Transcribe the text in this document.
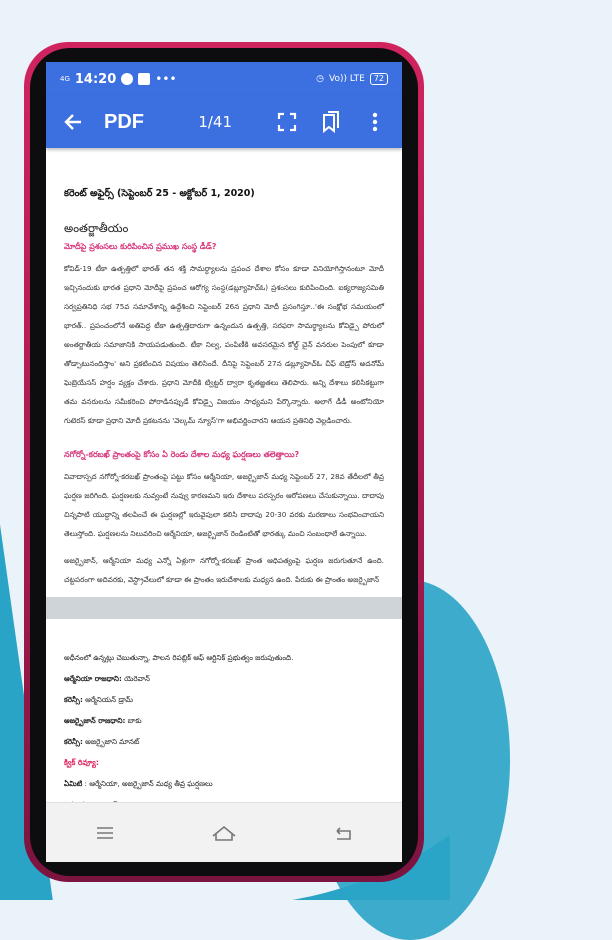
4G 14:20	•••	◷ Vo)) LTE	72
PDF	1/41
కరెంట్ అఫైర్స్ (సెప్టెంబర్ 25 - అక్టోబర్ 1, 2020)
అంతర్జాతీయం
మోదీపై ప్రశంసలు కురిపించిన ప్రముఖ సంస్థ డీడ్?
కోవిడ్-19 టీకా ఉత్పత్తిలో భారత్ తన శక్తి సామర్థ్యాలను ప్రపంచ దేశాల కోసం కూడా వినియోగిస్తానంటూ మోదీ ఇచ్చినందుకు భారత ప్రధాని మోదీపై ప్రపంచ ఆరోగ్య సంస్థ(డబ్ల్యూహెచ్ఓ) ప్రశంసలు కురిపించింది. ఐక్యరాజ్యసమితి సర్వప్రతినిధి సభ 75వ సమావేశాన్ని ఉద్దేశించి సెప్టెంబర్ 26న ప్రధాని మోదీ ప్రసంగిస్తూ..'ఈ సంక్షోభ సమయంలో భారత్.. ప్రపంచంలోనే అతిపెద్ద టీకా ఉత్పత్తిదారుగా ఉన్నందున ఉత్పత్తి, సరఫరా సామర్థ్యాలను కోవిడ్పై పోరులో అంతర్జాతీయ సమాజానికి సాయపడుతుంది. టీకా నిల్వ, పంపిణీకి అవసరమైన కోల్డ్ చైన్ వనరుల పెంపులో కూడా తోడ్పాటునందిస్తాం' అని ప్రకటించిన విషయం తెలిసిందే. దీనిపై సెప్టెంబర్ 27న డబ్ల్యూహెచ్ఓ చీఫ్ టెడ్రోస్ అదనోమ్ ఘెబ్రెయేసస్ హర్షం వ్యక్తం చేశారు. ప్రధాని మోదీకి ట్విట్టర్ ద్వారా కృతజ్ఞతలు తెలిపారు. అన్ని దేశాలు కలిసికట్టుగా తమ వనరులను సమీకరించి పోరాడినప్పుడే కోవిడ్పై విజయం సాధ్యమని పేర్కొన్నారు. అలాగే డీడీ అంటోనియో గుటెరస్ కూడా ప్రధాని మోదీ ప్రకటనను 'వెల్కమ్ న్యూస్'గా అభివర్ణించారని ఆయన ప్రతినిధి వెల్లడించారు.
నగోర్నో-కరబఖ్ ప్రాంతంపై కోసం ఏ రెండు దేశాల మధ్య ఘర్షణలు తలెత్తాయి?
వివాదాస్పద నగోర్నో-కరబఖ్ ప్రాంతంపై పట్టు కోసం ఆర్మేనియా, అజర్బైజాన్ మధ్య సెప్టెంబర్ 27, 28వ తేదీలలో తీవ్ర ఘర్షణ జరిగింది. ఘర్షణలకు నువ్వంటే నువ్వు కారణమని ఇరు దేశాలు పరస్పరం ఆరోపణలు చేసుకున్నాయి. దాదాపు చిన్నపాటి యుద్ధాన్ని తలపించే ఈ ఘర్షణల్లో ఇరువైపులా కలిసి దాదాపు 20-30 వరకు మరణాలు సంభవించాయని తెలుస్తోంది. ఘర్షణలను నిలువరించి ఆర్మేనియా, అజర్బైజాన్ రెండింటితో భారత్కు మంచి సంబంధాలే ఉన్నాయి.
అజర్బైజాన్, ఆర్మేనియా మధ్య ఎన్నో ఏళ్లుగా నగోర్నో-కరబఖ్ ప్రాంత ఆధిపత్యంపై ఘర్షణ జరుగుతూనే ఉంది. చట్టపరంగా అదివరకు, వెస్ట్రావేలులో కూడా ఈ ప్రాంతం ఇరుదేశాలకు మధ్యన ఉంది. పేరుకు ఈ ప్రాంతం అజర్బైజాన్
అధీనంలో ఉన్నట్లు చెబుతున్నా, పాలన రిపబ్లిక్ ఆఫ్ ఆర్టినిక్ ప్రభుత్వం జరుపుతుంది.
ఆర్మేనియా రాజధాని: యెరెవాన్
కరెన్సీ: ఆర్మేనియన్ డ్రామ్
అజర్బైజాన్ రాజధాని: బాకు
కరెన్సీ: అజర్బైజాని మానట్
క్విక్ రివ్యూ:
ఏమిటి : ఆర్మేనియా, అజర్బైజాన్ మధ్య తీవ్ర ఘర్షణలు
